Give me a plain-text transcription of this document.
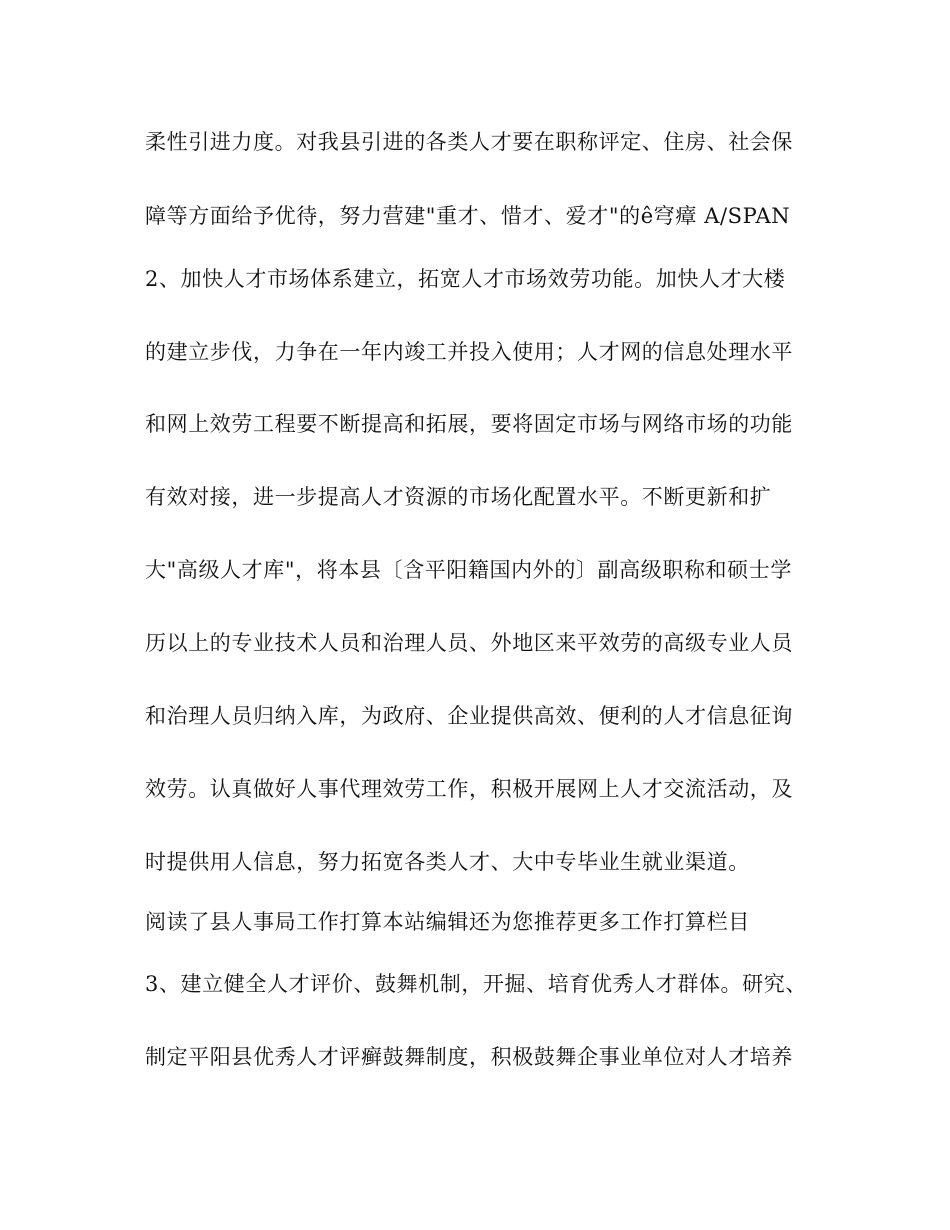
柔性引进力度。对我县引进的各类人才要在职称评定、住房、社会保
障等方面给予优待，努力营建"重才、惜才、爱才"的ê穹瘴 A/SPAN
2、加快人才市场体系建立，拓宽人才市场效劳功能。加快人才大楼
的建立步伐，力争在一年内竣工并投入使用；人才网的信息处理水平
和网上效劳工程要不断提高和拓展，要将固定市场与网络市场的功能
有效对接，进一步提高人才资源的市场化配置水平。不断更新和扩
大"高级人才库"，将本县〔含平阳籍国内外的〕副高级职称和硕士学
历以上的专业技术人员和治理人员、外地区来平效劳的高级专业人员
和治理人员归纳入库，为政府、企业提供高效、便利的人才信息征询
效劳。认真做好人事代理效劳工作，积极开展网上人才交流活动，及
时提供用人信息，努力拓宽各类人才、大中专毕业生就业渠道。
阅读了县人事局工作打算本站编辑还为您推荐更多工作打算栏目
3、建立健全人才评价、鼓舞机制，开掘、培育优秀人才群体。研究、
制定平阳县优秀人才评癣鼓舞制度，积极鼓舞企事业单位对人才培养
